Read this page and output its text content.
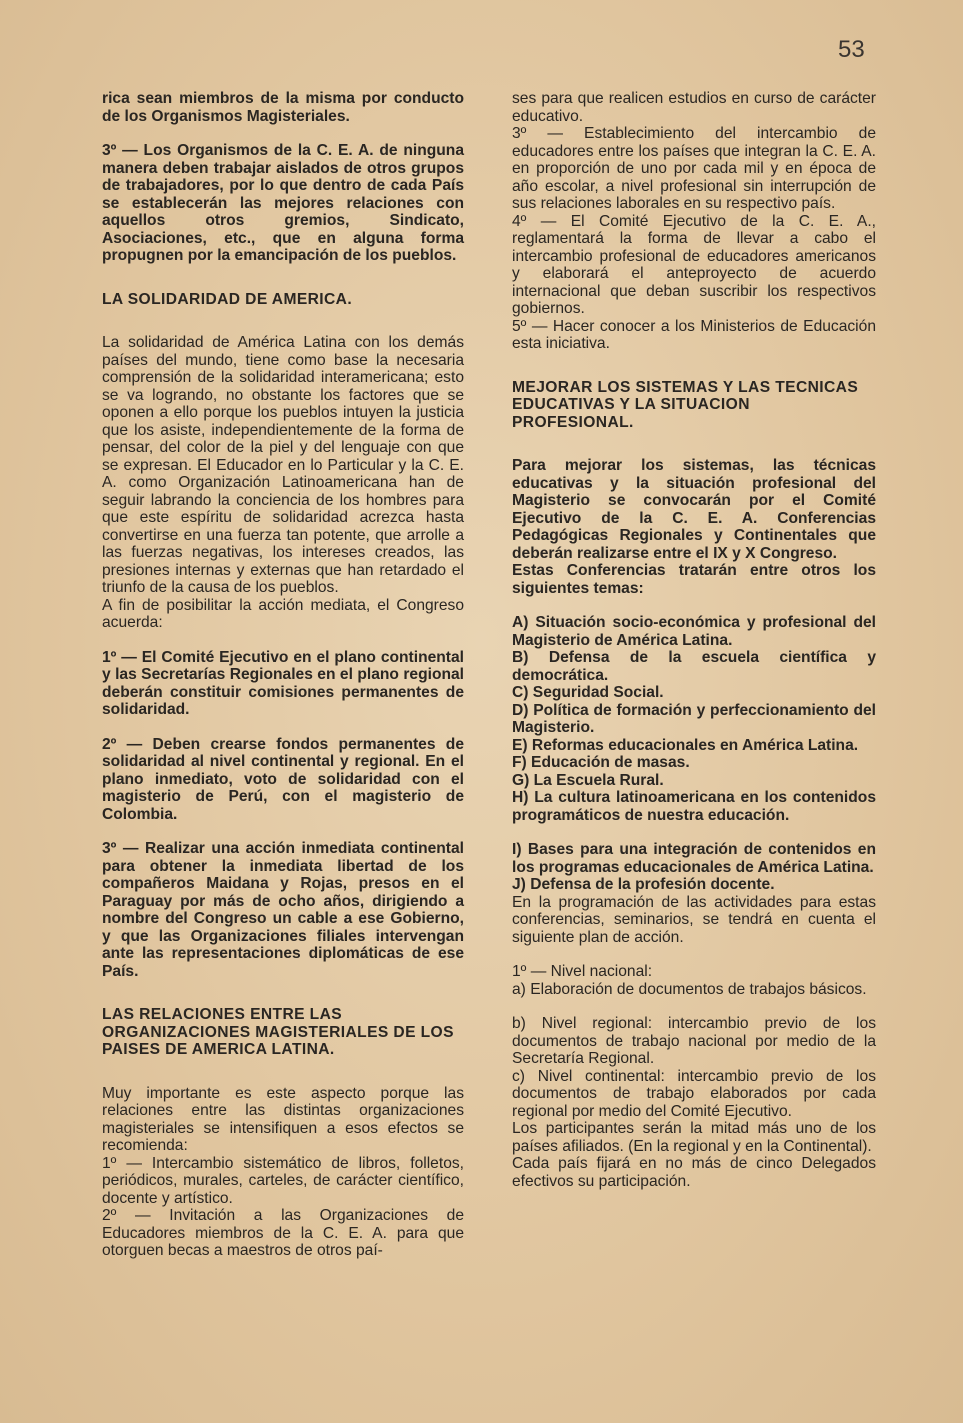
53

rica sean miembros de la misma por conducto de los Organismos Magisteriales.

3º — Los Organismos de la C. E. A. de ninguna manera deben trabajar aislados de otros grupos de trabajadores, por lo que dentro de cada País se establecerán las mejores relaciones con aquellos otros gremios, Sindicato, Asociaciones, etc., que en alguna forma propugnen por la emancipación de los pueblos.

LA SOLIDARIDAD DE AMERICA.

La solidaridad de América Latina con los demás países del mundo, tiene como base la necesaria comprensión de la solidaridad interamericana; esto se va logrando, no obstante los factores que se oponen a ello porque los pueblos intuyen la justicia que los asiste, independientemente de la forma de pensar, del color de la piel y del lenguaje con que se expresan. El Educador en lo Particular y la C. E. A. como Organización Latinoamericana han de seguir labrando la conciencia de los hombres para que este espíritu de solidaridad acrezca hasta convertirse en una fuerza tan potente, que arrolle a las fuerzas negativas, los intereses creados, las presiones internas y externas que han retardado el triunfo de la causa de los pueblos.

A fin de posibilitar la acción mediata, el Congreso acuerda:

1º — El Comité Ejecutivo en el plano continental y las Secretarías Regionales en el plano regional deberán constituir comisiones permanentes de solidaridad.

2º — Deben crearse fondos permanentes de solidaridad al nivel continental y regional. En el plano inmediato, voto de solidaridad con el magisterio de Perú, con el magisterio de Colombia.

3º — Realizar una acción inmediata continental para obtener la inmediata libertad de los compañeros Maidana y Rojas, presos en el Paraguay por más de ocho años, dirigiendo a nombre del Congreso un cable a ese Gobierno, y que las Organizaciones filiales intervengan ante las representaciones diplomáticas de ese País.

LAS RELACIONES ENTRE LAS ORGANIZACIONES MAGISTERIALES DE LOS PAISES DE AMERICA LATINA.

Muy importante es este aspecto porque las relaciones entre las distintas organizaciones magisteriales se intensifiquen a esos efectos se recomienda:

1º — Intercambio sistemático de libros, folletos, periódicos, murales, carteles, de carácter científico, docente y artístico.

2º — Invitación a las Organizaciones de Educadores miembros de la C. E. A. para que otorguen becas a maestros de otros paí-

ses para que realicen estudios en curso de carácter educativo.

3º — Establecimiento del intercambio de educadores entre los países que integran la C. E. A. en proporción de uno por cada mil y en época de año escolar, a nivel profesional sin interrupción de sus relaciones laborales en su respectivo país.

4º — El Comité Ejecutivo de la C. E. A., reglamentará la forma de llevar a cabo el intercambio profesional de educadores americanos y elaborará el anteproyecto de acuerdo internacional que deban suscribir los respectivos gobiernos.

5º — Hacer conocer a los Ministerios de Educación esta iniciativa.

MEJORAR LOS SISTEMAS Y LAS TECNICAS EDUCATIVAS Y LA SITUACION PROFESIONAL.

Para mejorar los sistemas, las técnicas educativas y la situación profesional del Magisterio se convocarán por el Comité Ejecutivo de la C. E. A. Conferencias Pedagógicas Regionales y Continentales que deberán realizarse entre el IX y X Congreso.

Estas Conferencias tratarán entre otros los siguientes temas:

A) Situación socio-económica y profesional del Magisterio de América Latina.

B) Defensa de la escuela científica y democrática.

C) Seguridad Social.

D) Política de formación y perfeccionamiento del Magisterio.

E) Reformas educacionales en América Latina.

F) Educación de masas.

G) La Escuela Rural.

H) La cultura latinoamericana en los contenidos programáticos de nuestra educación.

I) Bases para una integración de contenidos en los programas educacionales de América Latina.

J) Defensa de la profesión docente.

En la programación de las actividades para estas conferencias, seminarios, se tendrá en cuenta el siguiente plan de acción.

1º — Nivel nacional:

a) Elaboración de documentos de trabajos básicos.

b) Nivel regional: intercambio previo de los documentos de trabajo nacional por medio de la Secretaría Regional.

c) Nivel continental: intercambio previo de los documentos de trabajo elaborados por cada regional por medio del Comité Ejecutivo.

Los participantes serán la mitad más uno de los países afiliados. (En la regional y en la Continental).

Cada país fijará en no más de cinco Delegados efectivos su participación.
